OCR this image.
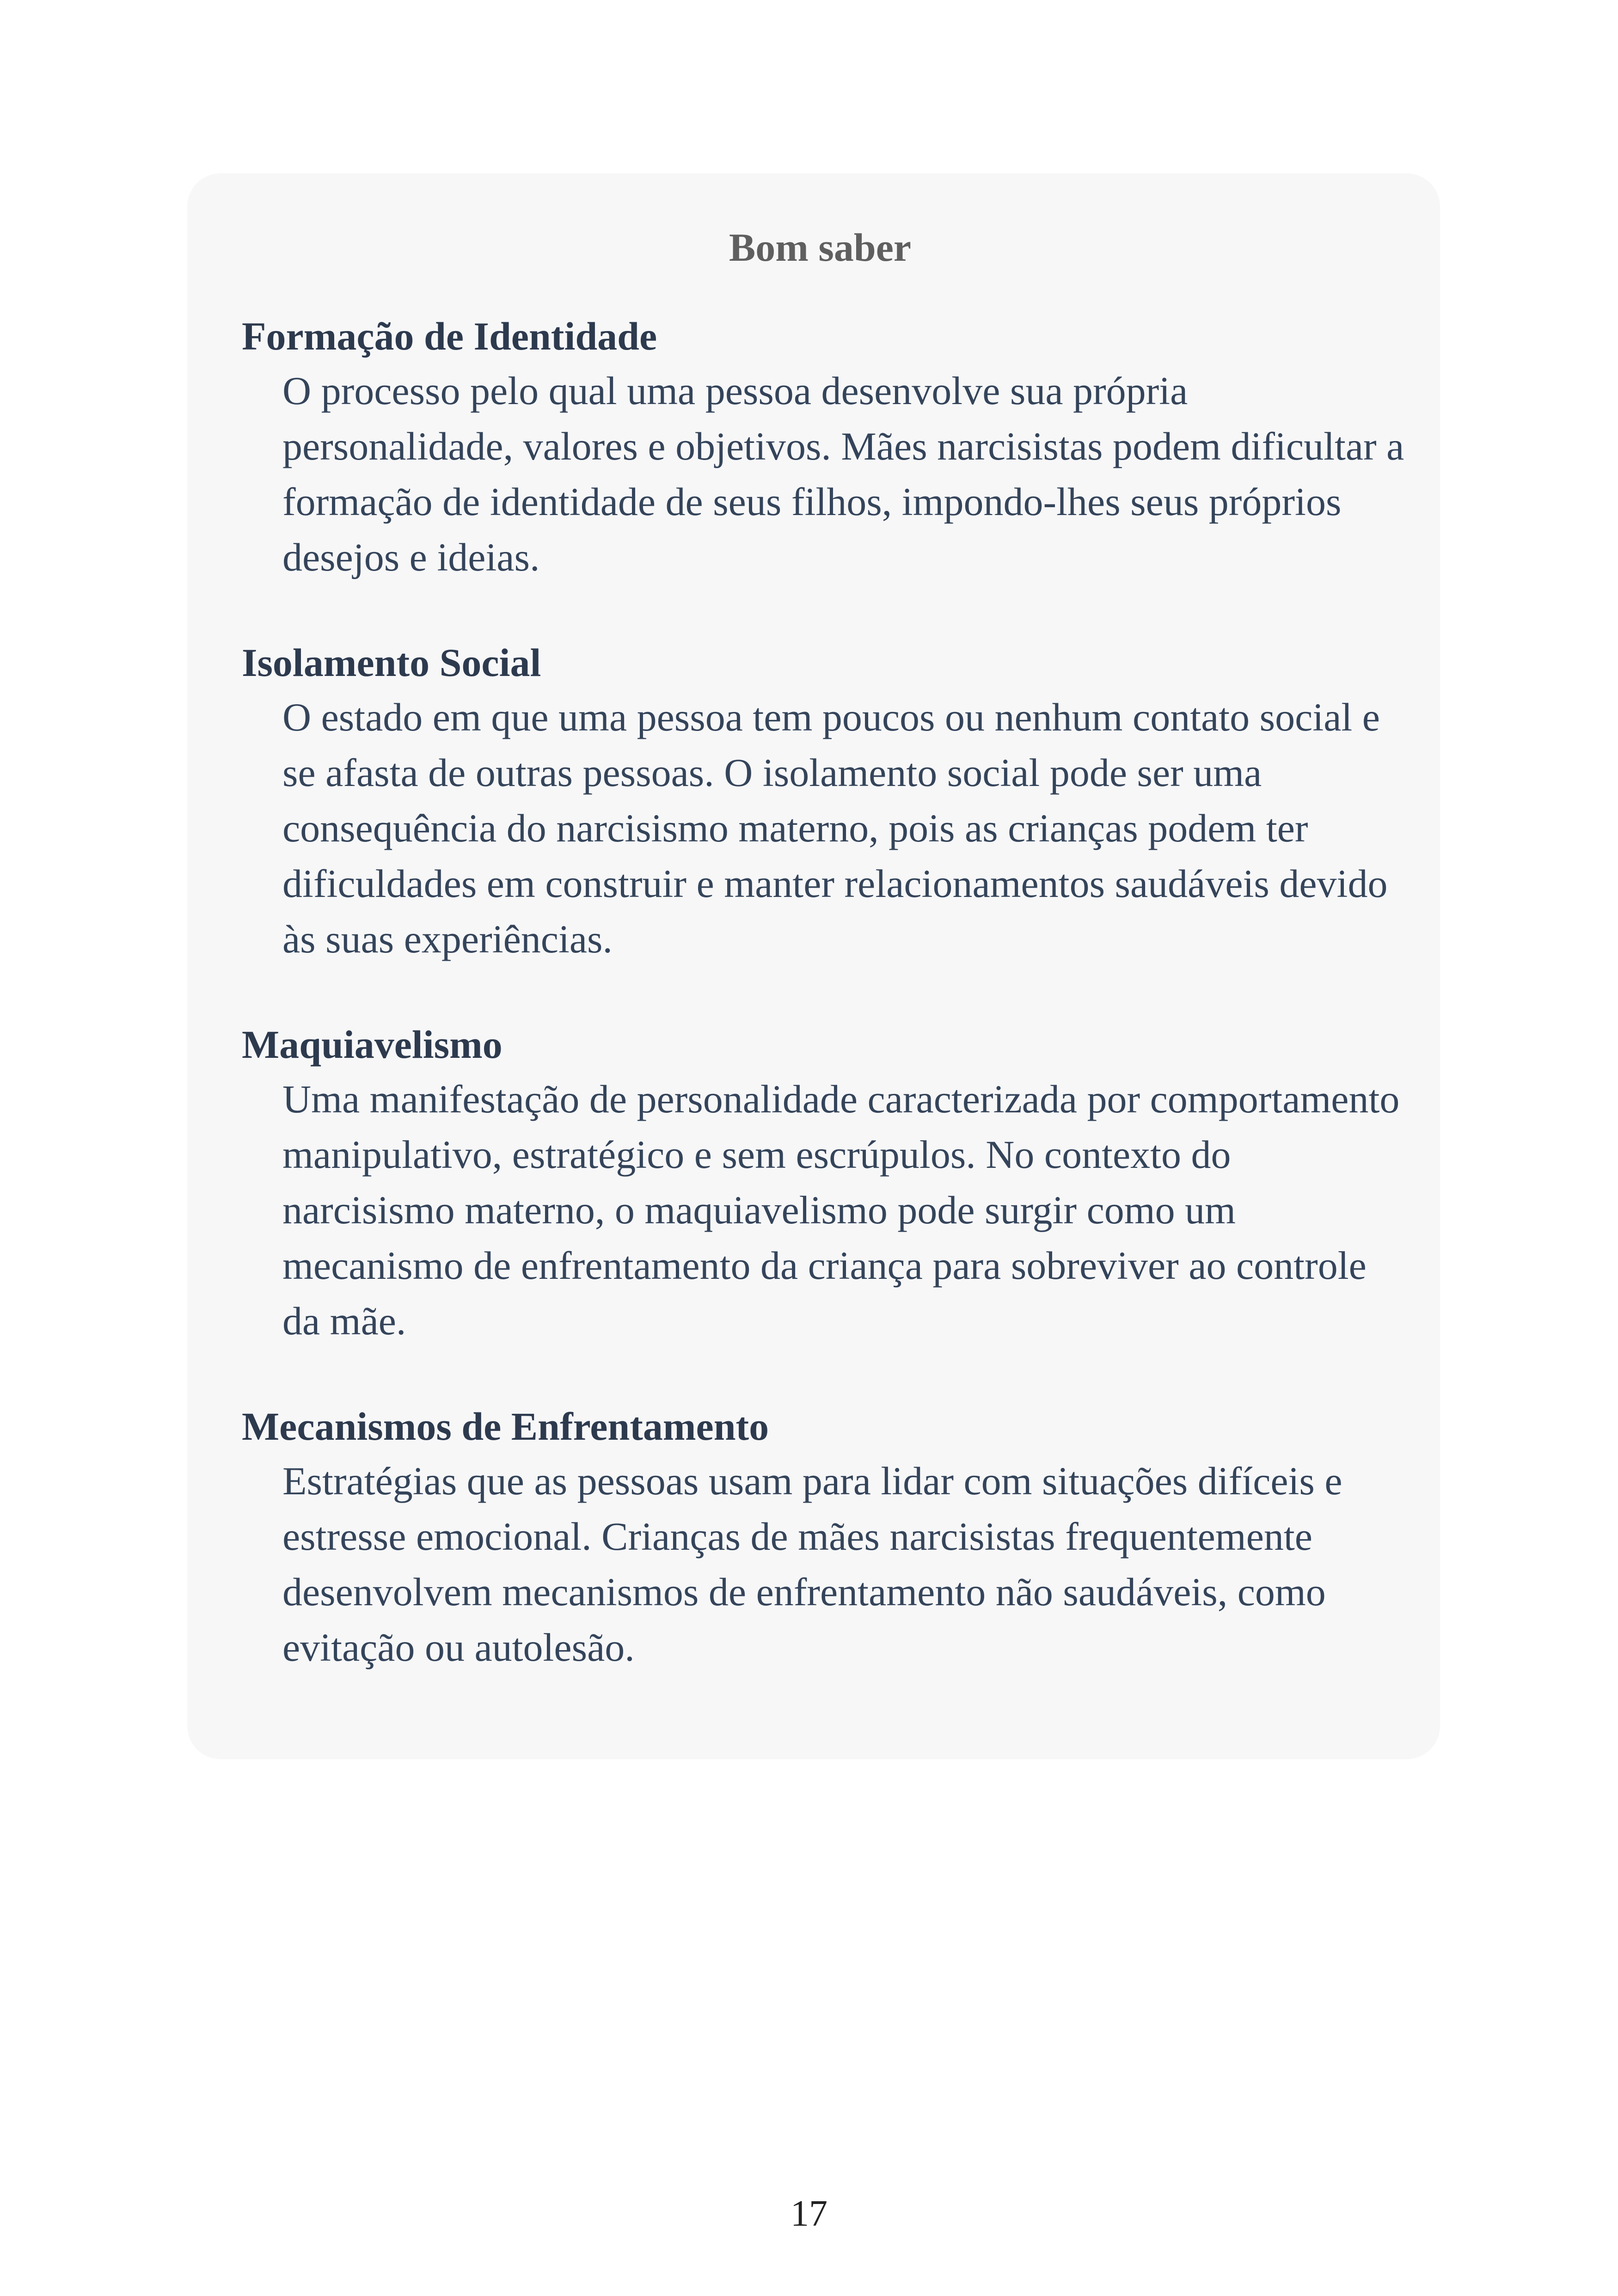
Bom saber
Formação de Identidade
O processo pelo qual uma pessoa desenvolve sua própria personalidade, valores e objetivos. Mães narcisistas podem dificultar a formação de identidade de seus filhos, impondo-lhes seus próprios desejos e ideias.
Isolamento Social
O estado em que uma pessoa tem poucos ou nenhum contato social e se afasta de outras pessoas. O isolamento social pode ser uma consequência do narcisismo materno, pois as crianças podem ter dificuldades em construir e manter relacionamentos saudáveis devido às suas experiências.
Maquiavelismo
Uma manifestação de personalidade caracterizada por comportamento manipulativo, estratégico e sem escrúpulos. No contexto do narcisismo materno, o maquiavelismo pode surgir como um mecanismo de enfrentamento da criança para sobreviver ao controle da mãe.
Mecanismos de Enfrentamento
Estratégias que as pessoas usam para lidar com situações difíceis e estresse emocional. Crianças de mães narcisistas frequentemente desenvolvem mecanismos de enfrentamento não saudáveis, como evitação ou autolesão.
17
